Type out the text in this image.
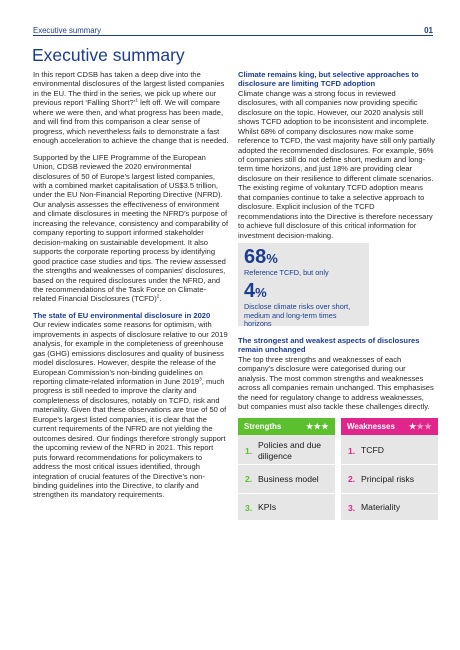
Executive summary	01
Executive summary

In this report CDSB has taken a deep dive into the environmental disclosures of the largest listed companies in the EU. The third in the series, we pick up where our previous report ‘Falling Short?’$^1$ left off. We will compare where we were then, and what progress has been made, and will find from this comparison a clear sense of progress, which nevertheless fails to demonstrate a fast enough acceleration to achieve the change that is needed.

Supported by the LIFE Programme of the European Union, CDSB reviewed the 2020 environmental disclosures of 50 of Europe’s largest listed companies, with a combined market capitalisation of US$3.5 trillion, under the EU Non-Financial Reporting Directive (NFRD). Our analysis assesses the effectiveness of environment and climate disclosures in meeting the NFRD’s purpose of increasing the relevance, consistency and comparability of company reporting to support informed stakeholder decision-making on sustainable development. It also supports the corporate reporting process by identifying good practice case studies and tips. The review assessed the strengths and weaknesses of companies’ disclosures, based on the required disclosures under the NFRD, and the recommendations of the Task Force on Climate-related Financial Disclosures (TCFD)$^2$.

The state of EU environmental disclosure in 2020

Our review indicates some reasons for optimism, with improvements in aspects of disclosure relative to our 2019 analysis, for example in the completeness of greenhouse gas (GHG) emissions disclosures and quality of business model disclosures. However, despite the release of the European Commission’s non-binding guidelines on reporting climate-related information in June 2019$^3$, much progress is still needed to improve the clarity and completeness of disclosures, notably on TCFD, risk and materiality. Given that these observations are true of 50 of Europe’s largest listed companies, it is clear that the current requirements of the NFRD are not yielding the outcomes desired. Our findings therefore strongly support the upcoming review of the NFRD in 2021. This report puts forward recommendations for policymakers to address the most critical issues identified, through integration of crucial features of the Directive’s non-binding guidelines into the Directive, to clarify and strengthen its mandatory requirements.

Climate remains king, but selective approaches to disclosure are limiting TCFD adoption

Climate change was a strong focus in reviewed disclosures, with all companies now providing specific disclosure on the topic. However, our 2020 analysis still shows TCFD adoption to be inconsistent and incomplete. Whilst 68% of company disclosures now make some reference to TCFD, the vast majority have still only partially adopted the recommended disclosures. For example, 96% of companies still do not define short, medium and long-term time horizons, and just 18% are providing clear disclosure on their resilience to different climate scenarios. The existing regime of voluntary TCFD adoption means that companies continue to take a selective approach to disclosure. Explicit inclusion of the TCFD recommendations into the Directive is therefore necessary to achieve full disclosure of this critical information for investment decision-making.

68%
Reference TCFD, but only
4%
Disclose climate risks over short, medium and long-term times horizons

The strongest and weakest aspects of disclosures remain unchanged

The top three strengths and weaknesses of each company’s disclosure were categorised during our analysis. The most common strengths and weaknesses across all companies remain unchanged. This emphasises the need for regulatory change to address weaknesses, but companies must also tackle these challenges directly.

Strengths	★★★
1.
Policies and due diligence
2. Business model
3. KPIs
Weaknesses ★★★
1. TCFD
2. Principal risks
3. Materiality
